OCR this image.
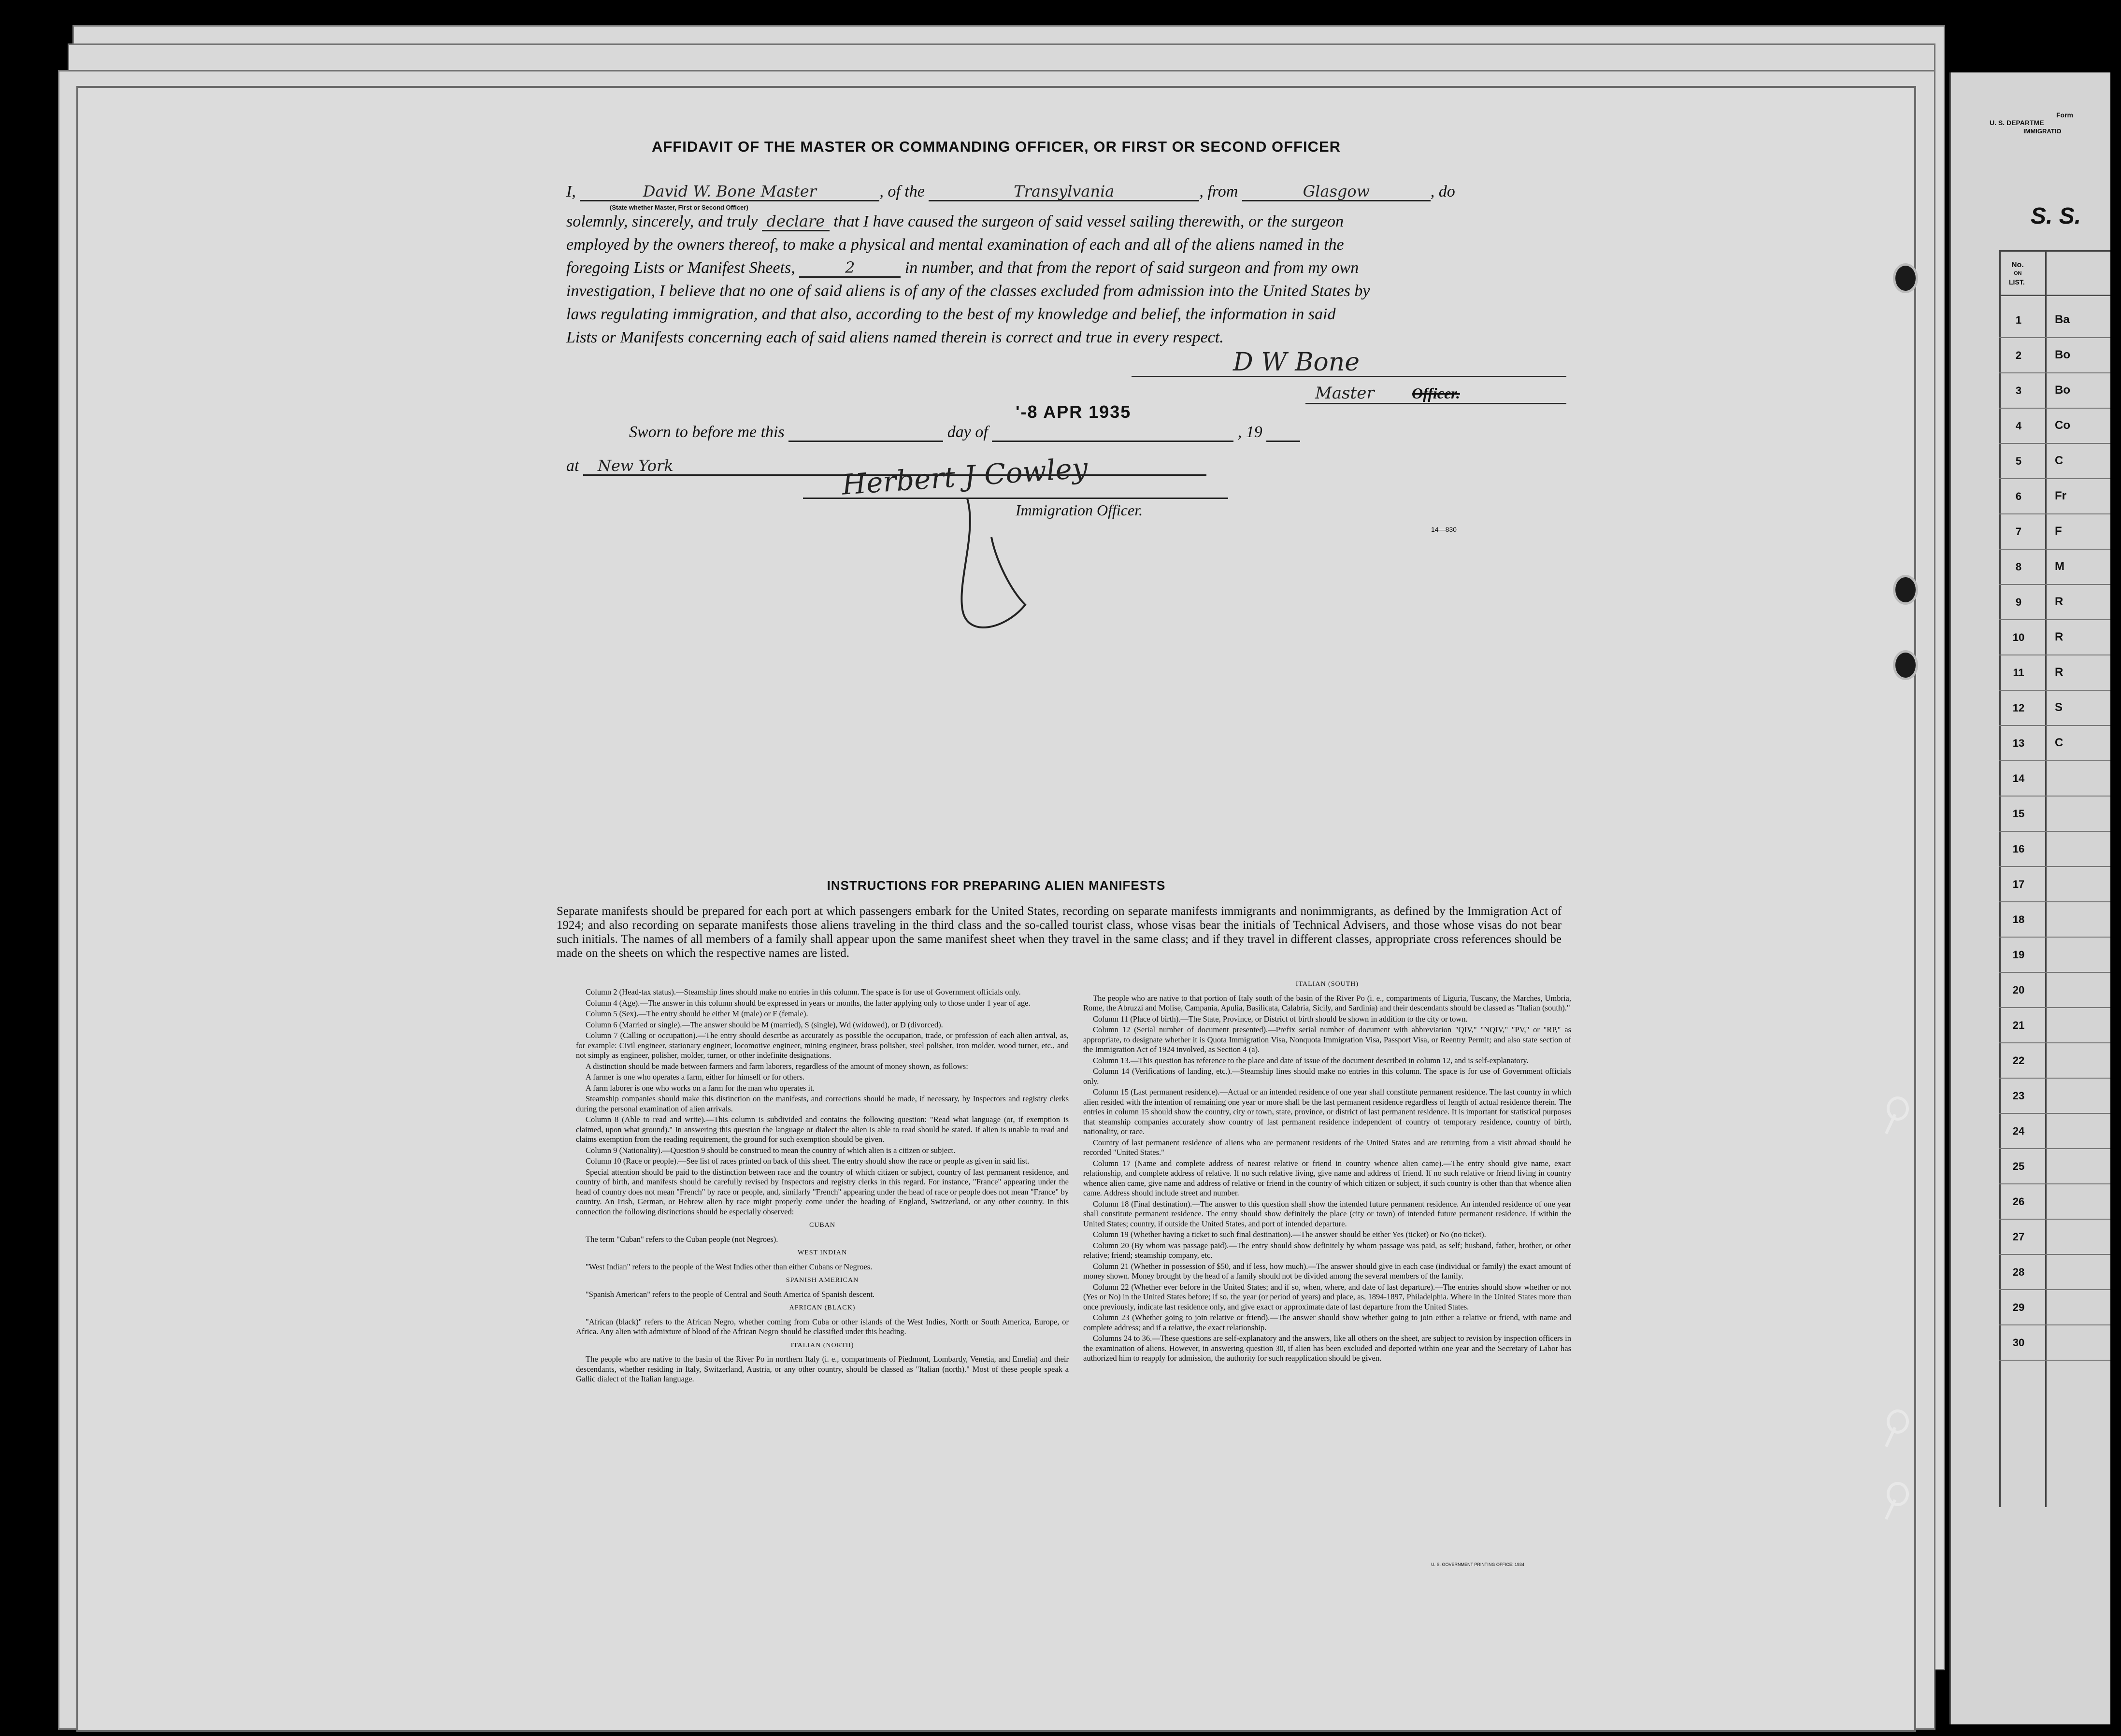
AFFIDAVIT OF THE MASTER OR COMMANDING OFFICER, OR FIRST OR SECOND OFFICER
I,	David W. Bone Master	, of the	Transylvania	, from	Glasgow	, do
(State whether Master, First or Second Officer)
solemnly, sincerely, and truly declare that I have caused the surgeon of said vessel sailing therewith, or the surgeon
employed by the owners thereof, to make a physical and mental examination of each and all of the aliens named in the
foregoing Lists or Manifest Sheets,	2	in number, and that from the report of said surgeon and from my own
investigation, I believe that no one of said aliens is of any of the classes excluded from admission into the United States by
laws regulating immigration, and that also, according to the best of my knowledge and belief, the information in said
Lists or Manifests concerning each of said aliens named therein is correct and true in every respect.
D W Bone
Master Officer.
Sworn to before me this	day of	, 19
'-8 APR 1935
at New York	Herbert J Cowley
Immigration Officer.
14—830
INSTRUCTIONS FOR PREPARING ALIEN MANIFESTS
Separate manifests should be prepared for each port at which passengers embark for the United States, recording on separate manifests immigrants and nonimmigrants, as defined by the Immigration Act of 1924; and also recording on separate manifests those aliens traveling in the third class and the so-called tourist class, whose visas bear the initials of Technical Advisers, and those whose visas do not bear such initials. The names of all members of a family shall appear upon the same manifest sheet when they travel in the same class; and if they travel in different classes, appropriate cross references should be made on the sheets on which the respective names are listed.

Column 2 (Head-tax status).—Steamship lines should make no entries in this column. The space is for use of Government officials only.

Column 4 (Age).—The answer in this column should be expressed in years or months, the latter applying only to those under 1 year of age.

Column 5 (Sex).—The entry should be either M (male) or F (female).

Column 6 (Married or single).—The answer should be M (married), S (single), Wd (widowed), or D (divorced).

Column 7 (Calling or occupation).—The entry should describe as accurately as possible the occupation, trade, or profession of each alien arrival, as, for example: Civil engineer, stationary engineer, locomotive engineer, mining engineer, brass polisher, steel polisher, iron molder, wood turner, etc., and not simply as engineer, polisher, molder, turner, or other indefinite designations.

A distinction should be made between farmers and farm laborers, regardless of the amount of money shown, as follows:

A farmer is one who operates a farm, either for himself or for others.

A farm laborer is one who works on a farm for the man who operates it.

Steamship companies should make this distinction on the manifests, and corrections should be made, if necessary, by Inspectors and registry clerks during the personal examination of alien arrivals.

Column 8 (Able to read and write).—This column is subdivided and contains the following question: "Read what language (or, if exemption is claimed, upon what ground)." In answering this question the language or dialect the alien is able to read should be stated. If alien is unable to read and claims exemption from the reading requirement, the ground for such exemption should be given.

Column 9 (Nationality).—Question 9 should be construed to mean the country of which alien is a citizen or subject.

Column 10 (Race or people).—See list of races printed on back of this sheet. The entry should show the race or people as given in said list.

Special attention should be paid to the distinction between race and the country of which citizen or subject, country of last permanent residence, and country of birth, and manifests should be carefully revised by Inspectors and registry clerks in this regard. For instance, "France" appearing under the head of country does not mean "French" by race or people, and, similarly "French" appearing under the head of race or people does not mean "France" by country. An Irish, German, or Hebrew alien by race might properly come under the heading of England, Switzerland, or any other country. In this connection the following distinctions should be especially observed:

CUBAN

The term "Cuban" refers to the Cuban people (not Negroes).

WEST INDIAN

"West Indian" refers to the people of the West Indies other than either Cubans or Negroes.

SPANISH AMERICAN

"Spanish American" refers to the people of Central and South America of Spanish descent.

AFRICAN (BLACK)

"African (black)" refers to the African Negro, whether coming from Cuba or other islands of the West Indies, North or South America, Europe, or Africa. Any alien with admixture of blood of the African Negro should be classified under this heading.

ITALIAN (NORTH)

The people who are native to the basin of the River Po in northern Italy (i. e., compartments of Piedmont, Lombardy, Venetia, and Emelia) and their descendants, whether residing in Italy, Switzerland, Austria, or any other country, should be classed as "Italian (north)." Most of these people speak a Gallic dialect of the Italian language.

ITALIAN (SOUTH)

The people who are native to that portion of Italy south of the basin of the River Po (i. e., compartments of Liguria, Tuscany, the Marches, Umbria, Rome, the Abruzzi and Molise, Campania, Apulia, Basilicata, Calabria, Sicily, and Sardinia) and their descendants should be classed as "Italian (south)."

Column 11 (Place of birth).—The State, Province, or District of birth should be shown in addition to the city or town.

Column 12 (Serial number of document presented).—Prefix serial number of document with abbreviation "QIV," "NQIV," "PV," or "RP," as appropriate, to designate whether it is Quota Immigration Visa, Nonquota Immigration Visa, Passport Visa, or Reentry Permit; and also state section of the Immigration Act of 1924 involved, as Section 4 (a).

Column 13.—This question has reference to the place and date of issue of the document described in column 12, and is self-explanatory.

Column 14 (Verifications of landing, etc.).—Steamship lines should make no entries in this column. The space is for use of Government officials only.

Column 15 (Last permanent residence).—Actual or an intended residence of one year shall constitute permanent residence. The last country in which alien resided with the intention of remaining one year or more shall be the last permanent residence regardless of length of actual residence therein. The entries in column 15 should show the country, city or town, state, province, or district of last permanent residence. It is important for statistical purposes that steamship companies accurately show country of last permanent residence independent of country of temporary residence, country of birth, nationality, or race.

Country of last permanent residence of aliens who are permanent residents of the United States and are returning from a visit abroad should be recorded "United States."

Column 17 (Name and complete address of nearest relative or friend in country whence alien came).—The entry should give name, exact relationship, and complete address of relative. If no such relative living, give name and address of friend. If no such relative or friend living in country whence alien came, give name and address of relative or friend in the country of which citizen or subject, if such country is other than that whence alien came. Address should include street and number.

Column 18 (Final destination).—The answer to this question shall show the intended future permanent residence. An intended residence of one year shall constitute permanent residence. The entry should show definitely the place (city or town) of intended future permanent residence, if within the United States; country, if outside the United States, and port of intended departure.

Column 19 (Whether having a ticket to such final destination).—The answer should be either Yes (ticket) or No (no ticket).

Column 20 (By whom was passage paid).—The entry should show definitely by whom passage was paid, as self; husband, father, brother, or other relative; friend; steamship company, etc.

Column 21 (Whether in possession of $50, and if less, how much).—The answer should give in each case (individual or family) the exact amount of money shown. Money brought by the head of a family should not be divided among the several members of the family.

Column 22 (Whether ever before in the United States; and if so, when, where, and date of last departure).—The entries should show whether or not (Yes or No) in the United States before; if so, the year (or period of years) and place, as, 1894-1897, Philadelphia. Where in the United States more than once previously, indicate last residence only, and give exact or approximate date of last departure from the United States.

Column 23 (Whether going to join relative or friend).—The answer should show whether going to join either a relative or friend, with name and complete address; and if a relative, the exact relationship.

Columns 24 to 36.—These questions are self-explanatory and the answers, like all others on the sheet, are subject to revision by inspection officers in the examination of aliens. However, in answering question 30, if alien has been excluded and deported within one year and the Secretary of Labor has authorized him to reapply for admission, the authority for such reapplication should be given.

U. S. GOVERNMENT PRINTING OFFICE: 1934
Form
U. S. DEPARTME
IMMIGRATIO
S. S.
No.
ON
LIST.
1	Ba
2	Bo
3	Bo
4	Co
5	C
6	Fr
7	F
8	M
9	R
10	R
11	R
12	S
13	C
14
15
16
17
18
19
20
21
22
23
24
25
26
27
28
29
30
